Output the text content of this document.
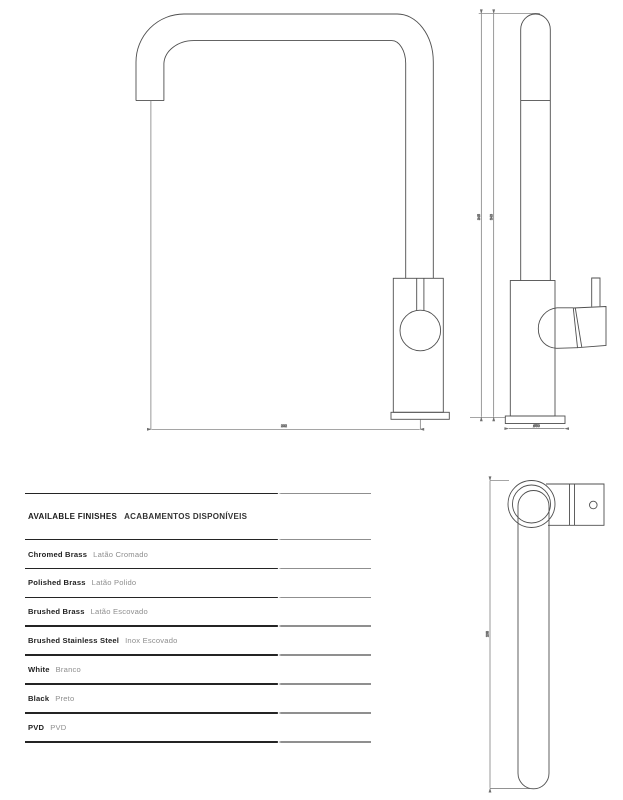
232
345 340
Ø50
208
AVAILABLE FINISHES ACABAMENTOS DISPONÍVEIS
Chromed Brass Latão Cromado
Polished Brass Latão Polido
Brushed Brass Latão Escovado
Brushed Stainless Steel Inox Escovado
White Branco
Black Preto
PVD PVD
